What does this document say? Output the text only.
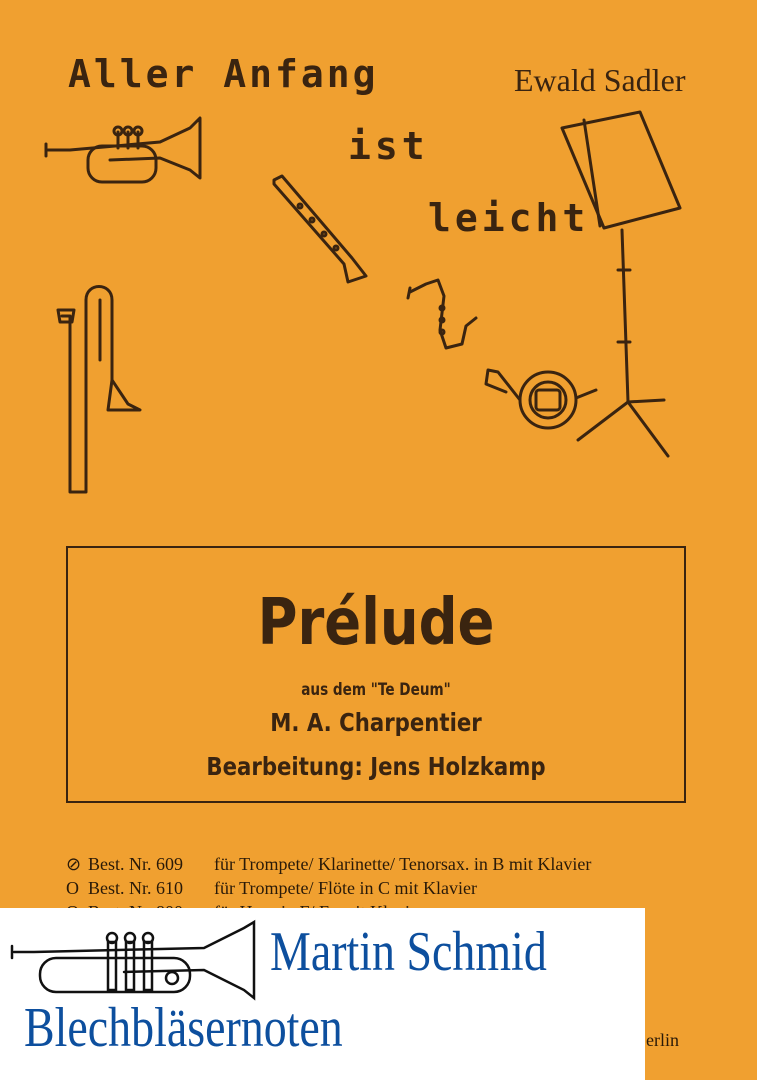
Aller Anfang
ist
leicht
Ewald Sadler
Prélude
aus dem "Te Deum"
M. A. Charpentier
Bearbeitung: Jens Holzkamp
⊘ Best. Nr. 609 für Trompete/ Klarinette/ Tenorsax. in B mit Klavier
O Best. Nr. 610 für Trompete/ Flöte in C mit Klavier
erlin
Martin Schmid
Blechbläsernoten
